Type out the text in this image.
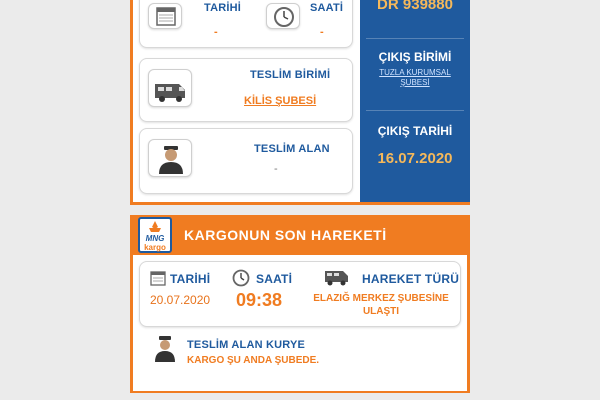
TARİHİ
-
SAATİ
-
TESLİM BİRİMİ
KİLİS ŞUBESİ
TESLİM ALAN
-
DR 939880
ÇIKIŞ BİRİMİ
TUZLA KURUMSAL ŞUBESİ
ÇIKIŞ TARİHİ
16.07.2020
MNG
kargo
KARGONUN SON HAREKETİ
TARİHİ
20.07.2020
SAATİ
09:38
HAREKET TÜRÜ
ELAZIĞ MERKEZ ŞUBESİNE ULAŞTI
TESLİM ALAN KURYE
KARGO ŞU ANDA ŞUBEDE.
